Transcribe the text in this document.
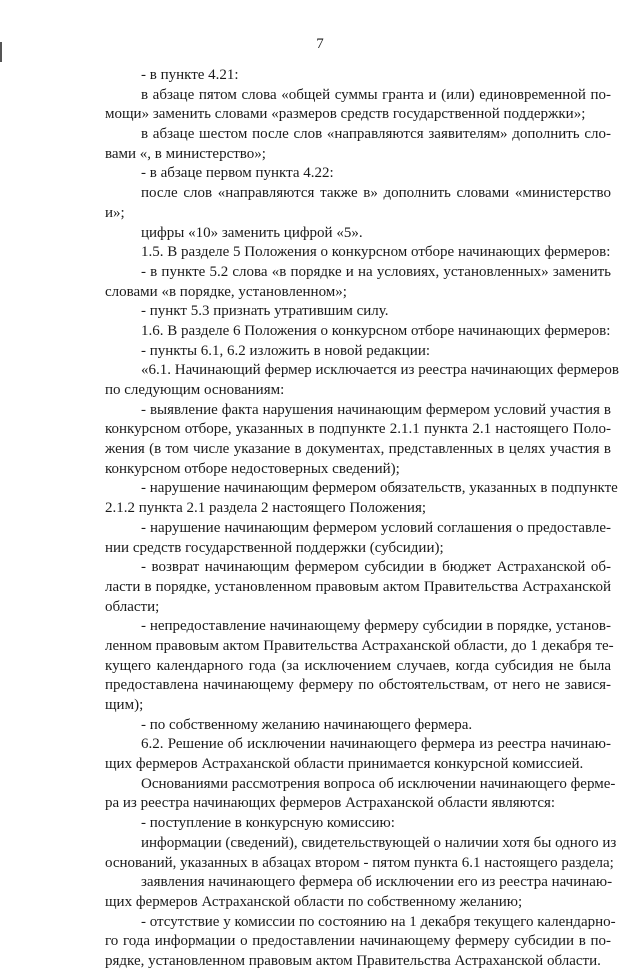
7
- в пункте 4.21:
в абзаце пятом слова «общей суммы гранта и (или) единовременной по-
мощи» заменить словами «размеров средств государственной поддержки»;
в абзаце шестом после слов «направляются заявителям» дополнить сло-
вами «, в министерство»;
- в абзаце первом пункта 4.22:
после слов «направляются также в» дополнить словами «министерство
и»;
цифры «10» заменить цифрой «5».
1.5. В разделе 5 Положения о конкурсном отборе начинающих фермеров:
- в пункте 5.2 слова «в порядке и на условиях, установленных» заменить
словами «в порядке, установленном»;
- пункт 5.3 признать утратившим силу.
1.6. В разделе 6 Положения о конкурсном отборе начинающих фермеров:
- пункты 6.1, 6.2 изложить в новой редакции:
«6.1. Начинающий фермер исключается из реестра начинающих фермеров
по следующим основаниям:
- выявление факта нарушения начинающим фермером условий участия в
конкурсном отборе, указанных в подпункте 2.1.1 пункта 2.1 настоящего Поло-
жения (в том числе указание в документах, представленных в целях участия в
конкурсном отборе недостоверных сведений);
- нарушение начинающим фермером обязательств, указанных в подпункте
2.1.2 пункта 2.1 раздела 2 настоящего Положения;
- нарушение начинающим фермером условий соглашения о предоставле-
нии средств государственной поддержки (субсидии);
- возврат начинающим фермером субсидии в бюджет Астраханской об-
ласти в порядке, установленном правовым актом Правительства Астраханской
области;
- непредоставление начинающему фермеру субсидии в порядке, установ-
ленном правовым актом Правительства Астраханской области, до 1 декабря те-
кущего календарного года (за исключением случаев, когда субсидия не была
предоставлена начинающему фермеру по обстоятельствам, от него не завися-
щим);
- по собственному желанию начинающего фермера.
6.2. Решение об исключении начинающего фермера из реестра начинаю-
щих фермеров Астраханской области принимается конкурсной комиссией.
Основаниями рассмотрения вопроса об исключении начинающего ферме-
ра из реестра начинающих фермеров Астраханской области являются:
- поступление в конкурсную комиссию:
информации (сведений), свидетельствующей о наличии хотя бы одного из
оснований, указанных в абзацах втором - пятом пункта 6.1 настоящего раздела;
заявления начинающего фермера об исключении его из реестра начинаю-
щих фермеров Астраханской области по собственному желанию;
- отсутствие у комиссии по состоянию на 1 декабря текущего календарно-
го года информации о предоставлении начинающему фермеру субсидии в по-
рядке, установленном правовым актом Правительства Астраханской области.
